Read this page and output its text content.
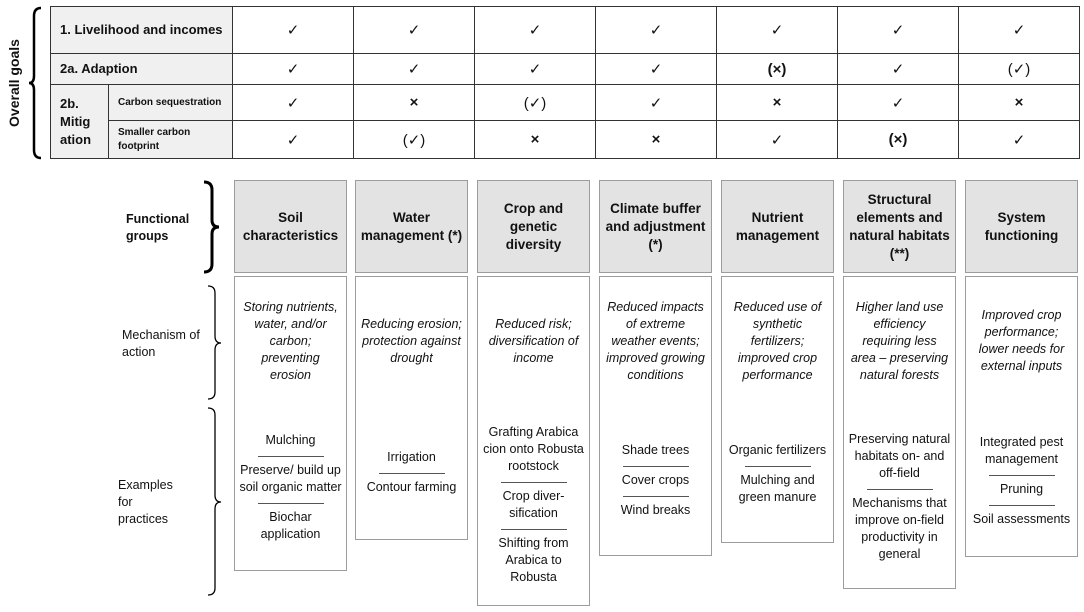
Overall goals
1. Livelihood and incomes		✓	✓	✓	✓	✓	✓	✓
2a. Adaption		✓	✓	✓	✓	(×)	✓	(✓)
2b. Mitig ation	Carbon sequestration	✓	×	(✓)	✓	×	✓	×
	Smaller carbon footprint	✓	(✓)	×	×	✓	(×)	✓
Functional groups
Mechanism of action
Examples for practices
Soil characteristics
Storing nutrients, water, and/or carbon; preventing erosion
Mulching
Preserve/ build up soil organic matter
Biochar application
Water management (*)
Reducing erosion; protection against drought
Irrigation
Contour farming
Crop and genetic diversity
Reduced risk; diversification of income
Grafting Arabica cion onto Robusta rootstock
Crop diver-sification
Shifting from Arabica to Robusta
Climate buffer and adjustment (*)
Reduced impacts of extreme weather events; improved growing conditions
Shade trees
Cover crops
Wind breaks
Nutrient management
Reduced use of synthetic fertilizers; improved crop performance
Organic fertilizers
Mulching and green manure
Structural elements and natural habitats (**)
Higher land use efficiency requiring less area – preserving natural forests
Preserving natural habitats on- and off-field
Mechanisms that improve on-field productivity in general
System functioning
Improved crop performance; lower needs for external inputs
Integrated pest management
Pruning
Soil assessments
